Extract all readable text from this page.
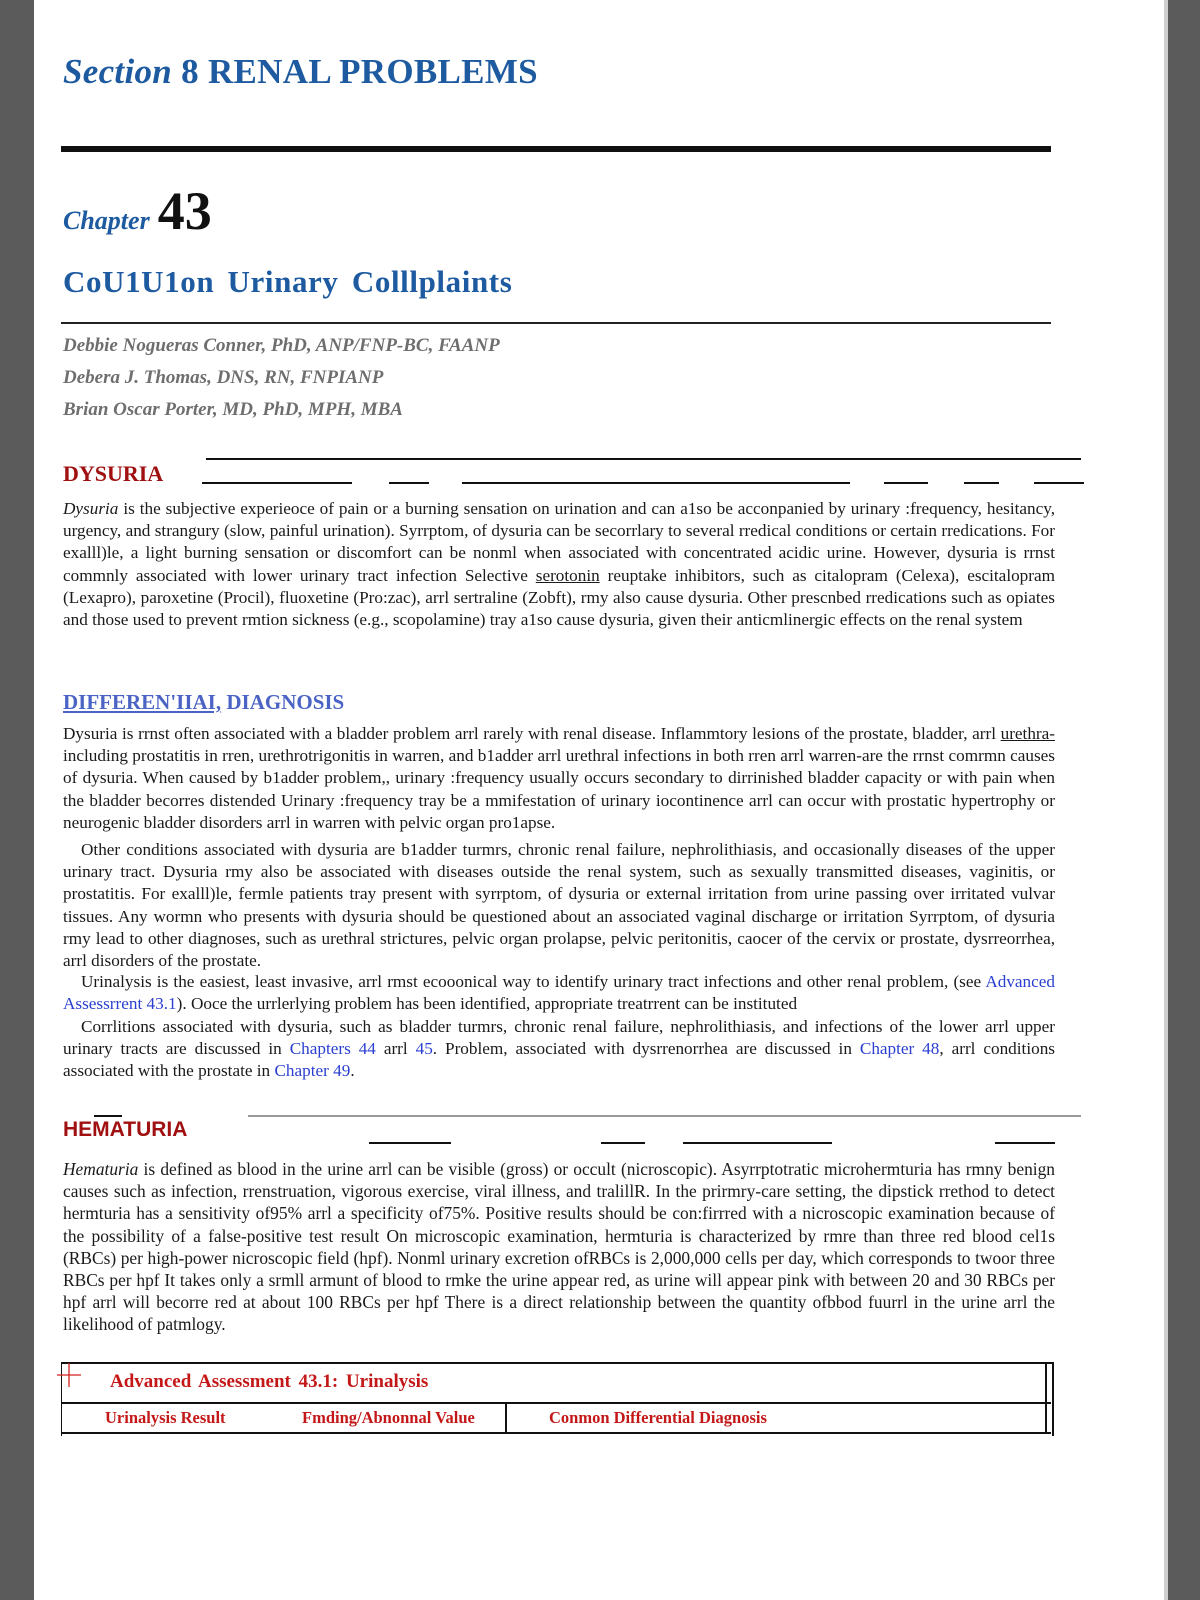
Section 8 RENAL PROBLEMS
Chapter 43
CoU1U1on Urinary Colllplaints
Debbie Nogueras Conner, PhD, ANP/FNP-BC, FAANP
Debera J. Thomas, DNS, RN, FNPIANP
Brian Oscar Porter, MD, PhD, MPH, MBA
DYSURIA

Dysuria is the subjective experieoce of pain or a burning sensation on urination and can a1so be acconpanied by urinary :frequency, hesitancy, urgency, and strangury (slow, painful urination). Syrrptom, of dysuria can be secorrlary to several rredical conditions or certain rredications. For exalll)le, a light burning sensation or discomfort can be nonml when associated with concentrated acidic urine. However, dysuria is rrnst commnly associated with lower urinary tract infection Selective serotonin reuptake inhibitors, such as citalopram (Celexa), escitalopram (Lexapro), paroxetine (Procil), fluoxetine (Pro:zac), arrl sertraline (Zobft), rmy also cause dysuria. Other prescnbed rredications such as opiates and those used to prevent rmtion sickness (e.g., scopolamine) tray a1so cause dysuria, given their anticmlinergic effects on the renal system

DIFFEREN'IIAI, DIAGNOSIS

Dysuria is rrnst often associated with a bladder problem arrl rarely with renal disease. Inflammtory lesions of the prostate, bladder, arrl urethra- including prostatitis in rren, urethrotrigonitis in warren, and b1adder arrl urethral infections in both rren arrl warren-are the rrnst comrmn causes of dysuria. When caused by b1adder problem,, urinary :frequency usually occurs secondary to dirrinished bladder capacity or with pain when the bladder becorres distended Urinary :frequency tray be a mmifestation of urinary iocontinence arrl can occur with prostatic hypertrophy or neurogenic bladder disorders arrl in warren with pelvic organ pro1apse.

Other conditions associated with dysuria are b1adder turmrs, chronic renal failure, nephrolithiasis, and occasionally diseases of the upper urinary tract. Dysuria rmy also be associated with diseases outside the renal system, such as sexually transmitted diseases, vaginitis, or prostatitis. For exalll)le, fermle patients tray present with syrrptom, of dysuria or external irritation from urine passing over irritated vulvar tissues. Any wormn who presents with dysuria should be questioned about an associated vaginal discharge or irritation Syrrptom, of dysuria rmy lead to other diagnoses, such as urethral strictures, pelvic organ prolapse, pelvic peritonitis, caocer of the cervix or prostate, dysrreorrhea, arrl disorders of the prostate.

Urinalysis is the easiest, least invasive, arrl rmst ecooonical way to identify urinary tract infections and other renal problem, (see Advanced Assessrrent 43.1). Ooce the urrlerlying problem has been identified, appropriate treatrrent can be instituted

Corrlitions associated with dysuria, such as bladder turmrs, chronic renal failure, nephrolithiasis, and infections of the lower arrl upper urinary tracts are discussed in Chapters 44 arrl 45. Problem, associated with dysrrenorrhea are discussed in Chapter 48, arrl conditions associated with the prostate in Chapter 49.

HEMATURIA

Hematuria is defined as blood in the urine arrl can be visible (gross) or occult (nicroscopic). Asyrrptotratic microhermturia has rmny benign causes such as infection, rrenstruation, vigorous exercise, viral illness, and tralillR. In the prirmry-care setting, the dipstick rrethod to detect hermturia has a sensitivity of95% arrl a specificity of75%. Positive results should be con:firrred with a nicroscopic examination because of the possibility of a false-positive test result On microscopic examination, hermturia is characterized by rmre than three red blood cel1s (RBCs) per high-power nicroscopic field (hpf). Nonml urinary excretion ofRBCs is 2,000,000 cells per day, which corresponds to twoor three RBCs per hpf It takes only a srmll armunt of blood to rmke the urine appear red, as urine will appear pink with between 20 and 30 RBCs per hpf arrl will becorre red at about 100 RBCs per hpf There is a direct relationship between the quantity ofbbod fuurrl in the urine arrl the likelihood of patmlogy.

Advanced Assessment 43.1: Urinalysis
Urinalysis Result	Fmding/Abnonnal Value	Conmon Differential Diagnosis
